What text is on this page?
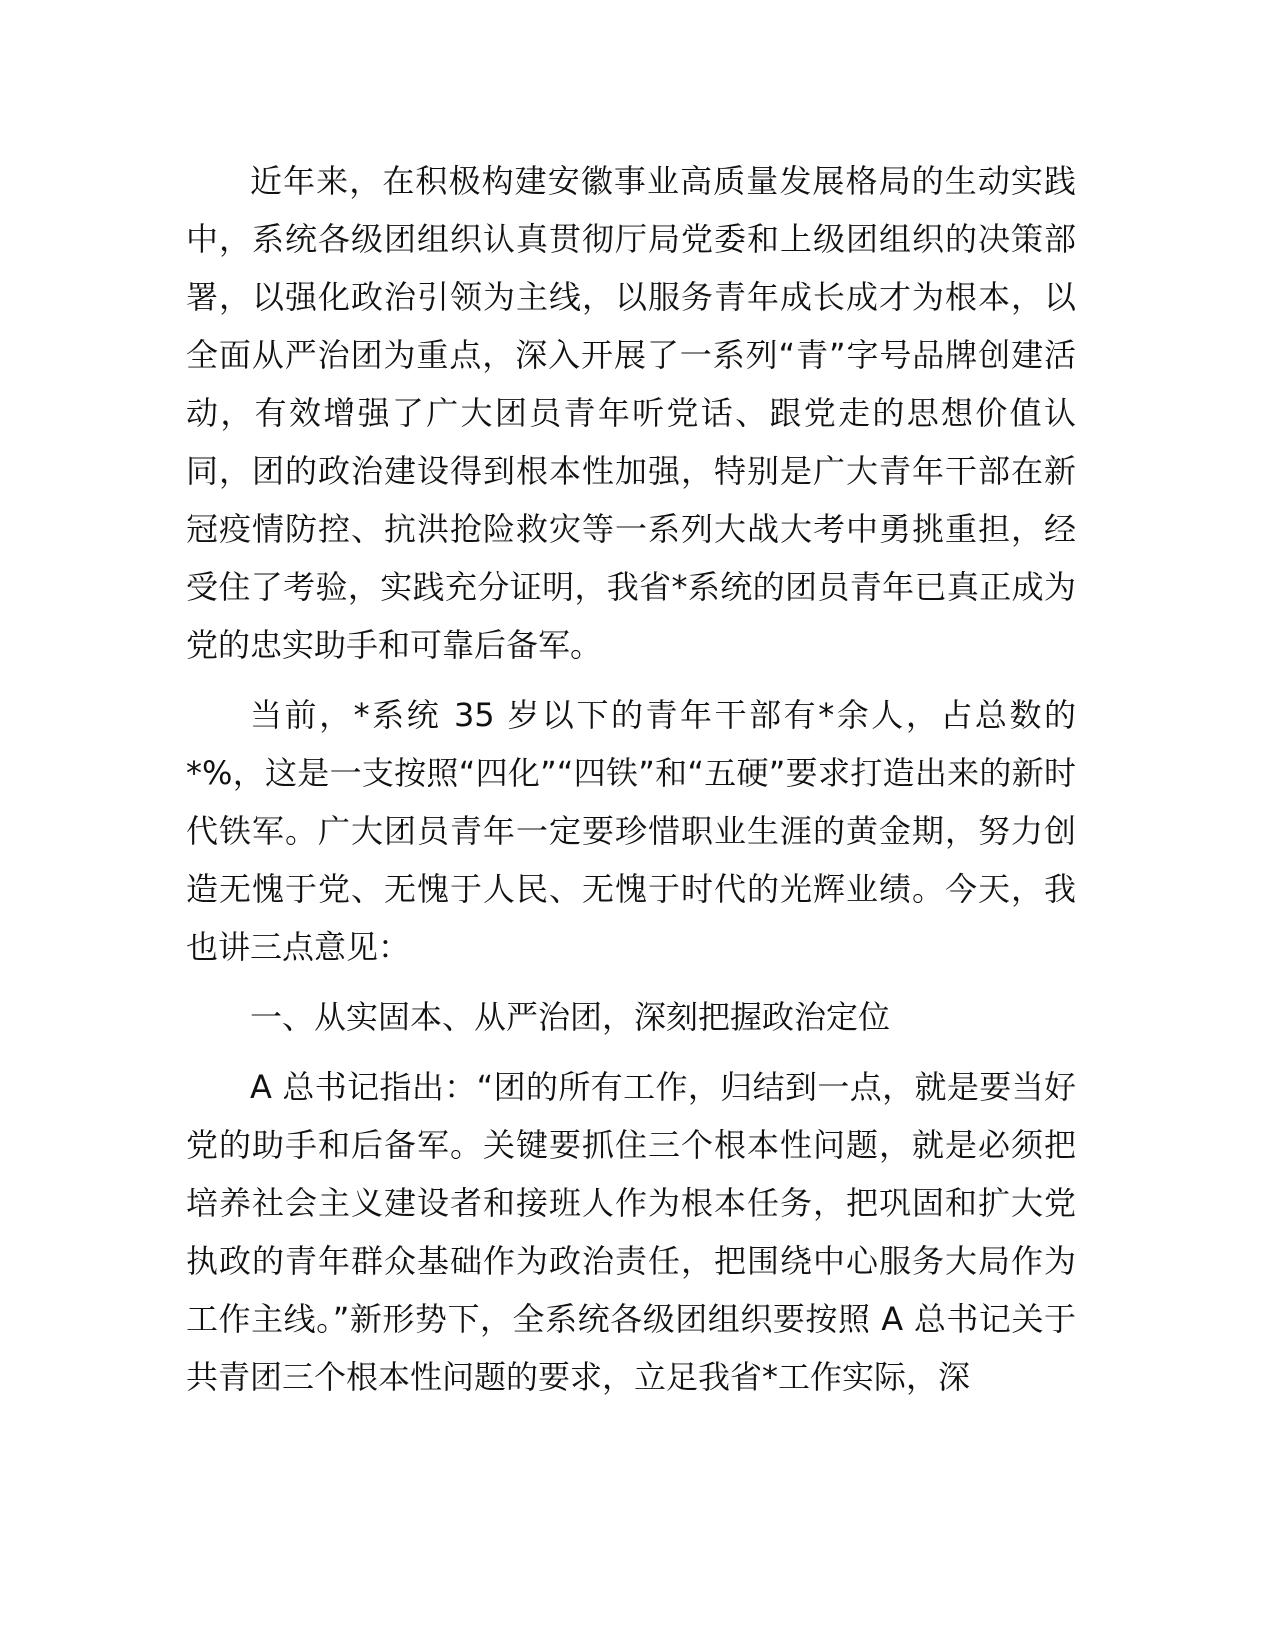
近年来，在积极构建安徽事业高质量发展格局的生动实践中，系统各级团组织认真贯彻厅局党委和上级团组织的决策部署，以强化政治引领为主线，以服务青年成长成才为根本，以全面从严治团为重点，深入开展了一系列“青”字号品牌创建活动，有效增强了广大团员青年听党话、跟党走的思想价值认同，团的政治建设得到根本性加强，特别是广大青年干部在新冠疫情防控、抗洪抢险救灾等一系列大战大考中勇挑重担，经受住了考验，实践充分证明，我省*系统的团员青年已真正成为党的忠实助手和可靠后备军。

当前，*系统 35 岁以下的青年干部有*余人，占总数的*%，这是一支按照“四化”“四铁”和“五硬”要求打造出来的新时代铁军。广大团员青年一定要珍惜职业生涯的黄金期，努力创造无愧于党、无愧于人民、无愧于时代的光辉业绩。今天，我也讲三点意见：

一、从实固本、从严治团，深刻把握政治定位

A 总书记指出：“团的所有工作，归结到一点，就是要当好党的助手和后备军。关键要抓住三个根本性问题，就是必须把培养社会主义建设者和接班人作为根本任务，把巩固和扩大党执政的青年群众基础作为政治责任，把围绕中心服务大局作为工作主线。”新形势下，全系统各级团组织要按照 A 总书记关于共青团三个根本性问题的要求，立足我省*工作实际，深
